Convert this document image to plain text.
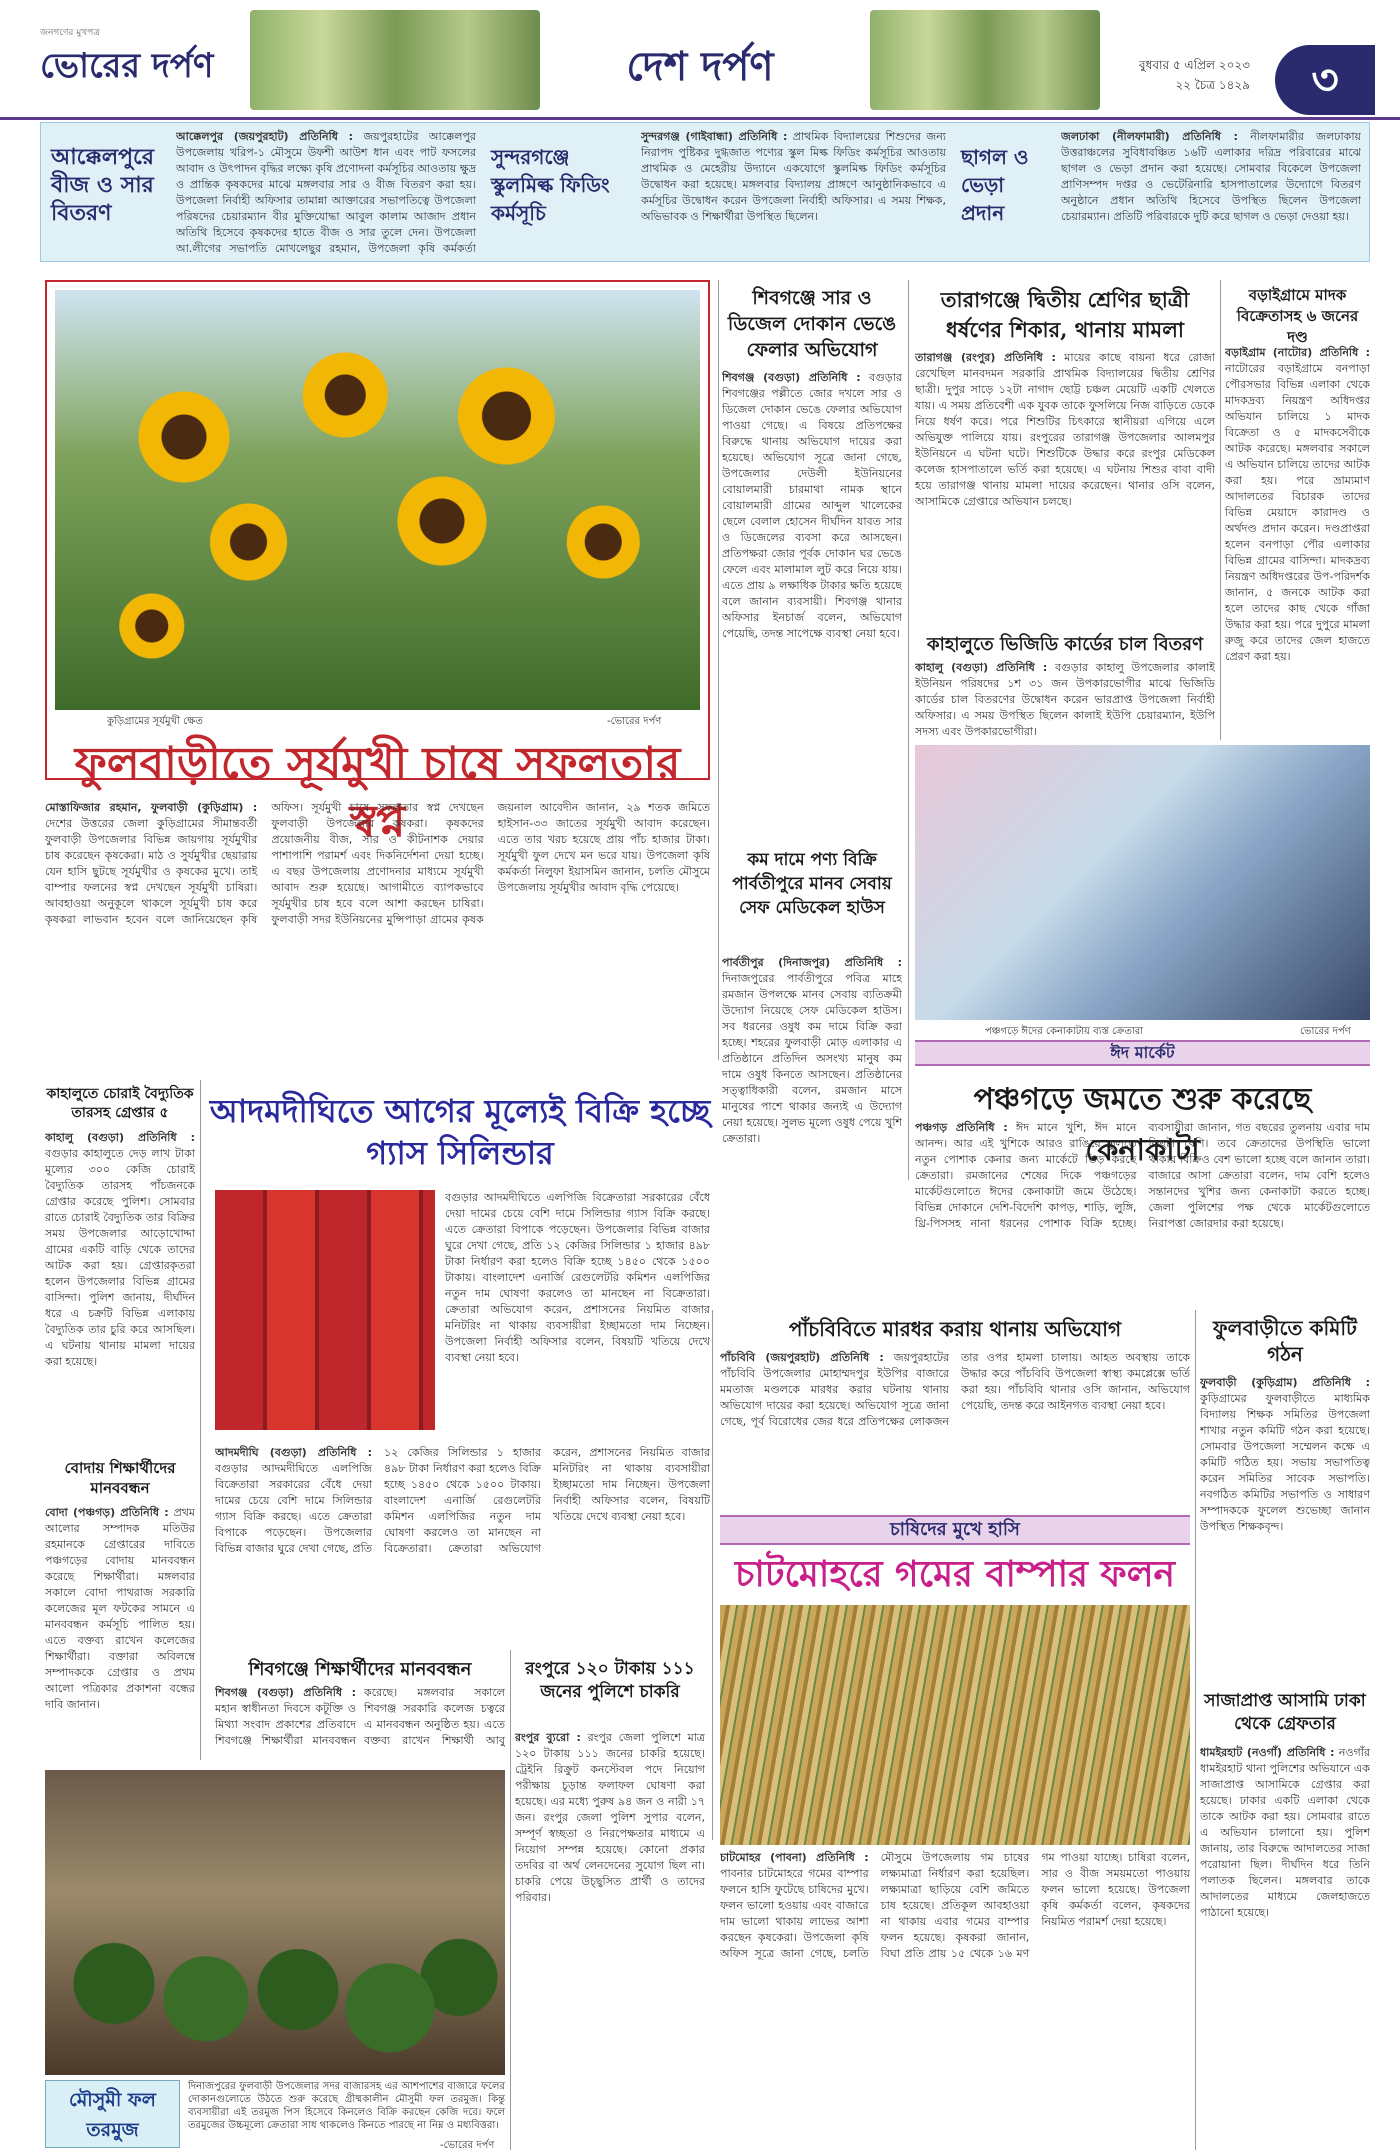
জনগণের মুখপত্র
ভোরের দর্পণ	দেশ দর্পণ	বুধবার ৫ এপ্রিল ২০২৩
২২ চৈত্র ১৪২৯	৩
আক্কেলপুরে বীজ ও সার বিতরণ
আক্কেলপুর (জয়পুরহাট) প্রতিনিধি : জয়পুরহাটের আক্কেলপুর উপজেলায় খরিপ-১ মৌসুমে উফশী আউশ ধান এবং পাট ফসলের আবাদ ও উৎপাদন বৃদ্ধির লক্ষ্যে কৃষি প্রণোদনা কর্মসূচির আওতায় ক্ষুদ্র ও প্রান্তিক কৃষকদের মাঝে মঙ্গলবার সার ও বীজ বিতরণ করা হয়। উপজেলা নির্বাহী অফিসার তামান্না আক্তারের সভাপতিত্বে উপজেলা পরিষদের চেয়ারম্যান বীর মুক্তিযোদ্ধা আবুল কালাম আজাদ প্রধান অতিথি হিসেবে কৃষকদের হাতে বীজ ও সার তুলে দেন। উপজেলা আ.লীগের সভাপতি মোখলেছুর রহমান, উপজেলা কৃষি কর্মকর্তা
সুন্দরগঞ্জে স্কুলমিল্ক ফিডিং কর্মসূচি
সুন্দরগঞ্জ (গাইবান্ধা) প্রতিনিধি : প্রাথমিক বিদ্যালয়ের শিশুদের জন্য নিরাপদ পুষ্টিকর দুগ্ধজাত পণ্যের স্কুল মিল্ক ফিডিং কর্মসূচির আওতায় প্রাথমিক ও মেহেরীয় উদ্যানে একযোগে স্কুলমিল্ক ফিডিং কর্মসূচির উদ্বোধন করা হয়েছে। মঙ্গলবার বিদ্যালয় প্রাঙ্গণে আনুষ্ঠানিকভাবে এ কর্মসূচির উদ্বোধন করেন উপজেলা নির্বাহী অফিসার। এ সময় শিক্ষক, অভিভাবক ও শিক্ষার্থীরা উপস্থিত ছিলেন।
ছাগল ও ভেড়া প্রদান
জলঢাকা (নীলফামারী) প্রতিনিধি : নীলফামারীর জলঢাকায় উত্তরাঞ্চলের সুবিধাবঞ্চিত ১৬টি এলাকার দরিদ্র পরিবারের মাঝে ছাগল ও ভেড়া প্রদান করা হয়েছে। সোমবার বিকেলে উপজেলা প্রাণিসম্পদ দপ্তর ও ভেটেরিনারি হাসপাতালের উদ্যোগে বিতরণ অনুষ্ঠানে প্রধান অতিথি হিসেবে উপস্থিত ছিলেন উপজেলা চেয়ারম্যান। প্রতিটি পরিবারকে দুটি করে ছাগল ও ভেড়া দেওয়া হয়।
কুড়িগ্রামের সূর্যমুখী ক্ষেত	-ভোরের দর্পণ
ফুলবাড়ীতে সূর্যমুখী চাষে সফলতার স্বপ্ন
মোস্তাফিজার রহমান, ফুলবাড়ী (কুড়িগ্রাম) : দেশের উত্তরের জেলা কুড়িগ্রামের সীমান্তবর্তী ফুলবাড়ী উপজেলার বিভিন্ন জায়গায় সূর্যমুখীর চাষ করেছেন কৃষকেরা। মাঠ ও সুর্যমুখীর ছেয়ারায় যেন হাসি ছুটছে সূর্যমুখীর ও কৃষকের মুখে। তাই বাম্পার ফলনের স্বপ্ন দেখছেন সূর্যমুখী চাষিরা। আবহাওয়া অনুকূলে থাকলে সূর্যমুখী চাষ করে কৃষকরা লাভবান হবেন বলে জানিয়েছেন কৃষি অফিস। সূর্যমুখী চাষে সফলতার স্বপ্ন দেখছেন ফুলবাড়ী উপজেলার কৃষকরা। কৃষকদের প্রয়োজনীয় বীজ, সার ও কীটনাশক দেয়ার পাশাপাশি পরামর্শ এবং দিকনির্দেশনা দেয়া হচ্ছে। এ বছর উপজেলায় প্রণোদনার মাধ্যমে সূর্যমুখী আবাদ শুরু হয়েছে। আগামীতে ব্যাপকভাবে সূর্যমুখীর চাষ হবে বলে আশা করছেন চাষিরা। ফুলবাড়ী সদর ইউনিয়নের মুন্সিপাড়া গ্রামের কৃষক জয়নাল আবেদীন জানান, ২৯ শতক জমিতে হাইসান-৩৩ জাতের সূর্যমুখী আবাদ করেছেন। এতে তার খরচ হয়েছে প্রায় পাঁচ হাজার টাকা। সূর্যমুখী ফুল দেখে মন ভরে যায়। উপজেলা কৃষি কর্মকর্তা নিলুফা ইয়াসমিন জানান, চলতি মৌসুমে উপজেলায় সূর্যমুখীর আবাদ বৃদ্ধি পেয়েছে।
শিবগঞ্জে সার ও ডিজেল দোকান ভেঙে ফেলার অভিযোগ
শিবগঞ্জ (বগুড়া) প্রতিনিধি : বগুড়ার শিবগঞ্জের পল্লীতে জোর দখলে সার ও ডিজেল দোকান ভেঙে ফেলার অভিযোগ পাওয়া গেছে। এ বিষয়ে প্রতিপক্ষের বিরুদ্ধে থানায় অভিযোগ দায়ের করা হয়েছে। অভিযোগ সূত্রে জানা গেছে, উপজেলার দেউলী ইউনিয়নের বোয়ালমারী চারমাথা নামক স্থানে বোয়ালমারী গ্রামের আব্দুল খালেকের ছেলে বেলাল হোসেন দীর্ঘদিন যাবত সার ও ডিজেলের ব্যবসা করে আসছেন। প্রতিপক্ষরা জোর পূর্বক দোকান ঘর ভেঙে ফেলে এবং মালামাল লুট করে নিয়ে যায়। এতে প্রায় ৯ লক্ষাধিক টাকার ক্ষতি হয়েছে বলে জানান ব্যবসায়ী। শিবগঞ্জ থানার অফিসার ইনচার্জ বলেন, অভিযোগ পেয়েছি, তদন্ত সাপেক্ষে ব্যবস্থা নেয়া হবে।
কম দামে পণ্য বিক্রি পার্বতীপুরে মানব সেবায় সেফ মেডিকেল হাউস
পার্বতীপুর (দিনাজপুর) প্রতিনিধি : দিনাজপুরের পার্বতীপুরে পবিত্র মাহে রমজান উপলক্ষে মানব সেবায় ব্যতিক্রমী উদ্যোগ নিয়েছে সেফ মেডিকেল হাউস। সব ধরনের ওষুধ কম দামে বিক্রি করা হচ্ছে। শহরের ফুলবাড়ী মোড় এলাকার এ প্রতিষ্ঠানে প্রতিদিন অসংখ্য মানুষ কম দামে ওষুধ কিনতে আসছেন। প্রতিষ্ঠানের সত্ত্বাধিকারী বলেন, রমজান মাসে মানুষের পাশে থাকার জন্যই এ উদ্যোগ নেয়া হয়েছে। সুলভ মূল্যে ওষুধ পেয়ে খুশি ক্রেতারা।
তারাগঞ্জে দ্বিতীয় শ্রেণির ছাত্রী ধর্ষণের শিকার, থানায় মামলা
তারাগঞ্জ (রংপুর) প্রতিনিধি : মায়ের কাছে বায়না ধরে রোজা রেখেছিল মানবদমন সরকারি প্রাথমিক বিদ্যালয়ের দ্বিতীয় শ্রেণির ছাত্রী। দুপুর সাড়ে ১২টা নাগাদ ছোট্ট চঞ্চল মেয়েটি একটি খেলতে যায়। এ সময় প্রতিবেশী এক যুবক তাকে ফুসলিয়ে নিজ বাড়িতে ডেকে নিয়ে ধর্ষণ করে। পরে শিশুটির চিৎকারে স্থানীয়রা এগিয়ে এলে অভিযুক্ত পালিয়ে যায়। রংপুরের তারাগঞ্জ উপজেলার আলমপুর ইউনিয়নে এ ঘটনা ঘটে। শিশুটিকে উদ্ধার করে রংপুর মেডিকেল কলেজ হাসপাতালে ভর্তি করা হয়েছে। এ ঘটনায় শিশুর বাবা বাদী হয়ে তারাগঞ্জ থানায় মামলা দায়ের করেছেন। থানার ওসি বলেন, আসামিকে গ্রেপ্তারে অভিযান চলছে।
কাহালুতে ভিজিডি কার্ডের চাল বিতরণ
কাহালু (বগুড়া) প্রতিনিধি : বগুড়ার কাহালু উপজেলার কালাই ইউনিয়ন পরিষদের ১শ ৩১ জন উপকারভোগীর মাঝে ভিজিডি কার্ডের চাল বিতরণের উদ্বোধন করেন ভারপ্রাপ্ত উপজেলা নির্বাহী অফিসার। এ সময় উপস্থিত ছিলেন কালাই ইউপি চেয়ারম্যান, ইউপি সদস্য এবং উপকারভোগীরা।
পঞ্চগড়ে ঈদের কেনাকাটায় ব্যস্ত ক্রেতারা	ভোরের দর্পণ
বড়াইগ্রামে মাদক বিক্রেতাসহ ৬ জনের দণ্ড
বড়াইগ্রাম (নাটোর) প্রতিনিধি : নাটোরের বড়াইগ্রামে বনপাড়া পৌরসভার বিভিন্ন এলাকা থেকে মাদকদ্রব্য নিয়ন্ত্রণ অধিদপ্তর অভিযান চালিয়ে ১ মাদক বিক্রেতা ও ৫ মাদকসেবীকে আটক করেছে। মঙ্গলবার সকালে এ অভিযান চালিয়ে তাদের আটক করা হয়। পরে ভ্রাম্যমাণ আদালতের বিচারক তাদের বিভিন্ন মেয়াদে কারাদণ্ড ও অর্থদণ্ড প্রদান করেন। দণ্ডপ্রাপ্তরা হলেন বনপাড়া পৌর এলাকার বিভিন্ন গ্রামের বাসিন্দা। মাদকদ্রব্য নিয়ন্ত্রণ অধিদপ্তরের উপ-পরিদর্শক জানান, ৫ জনকে আটক করা হলে তাদের কাছ থেকে গাঁজা উদ্ধার করা হয়। পরে দুপুরে মামলা রুজু করে তাদের জেল হাজতে প্রেরণ করা হয়।
ঈদ মার্কেট
পঞ্চগড়ে জমতে শুরু করেছে কেনাকাটা
পঞ্চগড় প্রতিনিধি : ঈদ মানে খুশি, ঈদ মানে আনন্দ। আর এই খুশিকে আরও রাঙিয়ে তুলতে নতুন পোশাক কেনার জন্য মার্কেটে ভিড় করছে ক্রেতারা। রমজানের শেষের দিকে পঞ্চগড়ের মার্কেটগুলোতে ঈদের কেনাকাটা জমে উঠেছে। বিভিন্ন দোকানে দেশি-বিদেশি কাপড়, শাড়ি, লুঙ্গি, থ্রি-পিসসহ নানা ধরনের পোশাক বিক্রি হচ্ছে। ব্যবসায়ীরা জানান, গত বছরের তুলনায় এবার দাম কিছুটা বেশি। তবে ক্রেতাদের উপস্থিতি ভালো থাকায় বিক্রিও বেশ ভালো হচ্ছে বলে জানান তারা। বাজারে আসা ক্রেতারা বলেন, দাম বেশি হলেও সন্তানদের খুশির জন্য কেনাকাটা করতে হচ্ছে। জেলা পুলিশের পক্ষ থেকে মার্কেটগুলোতে নিরাপত্তা জোরদার করা হয়েছে।
কাহালুতে চোরাই বৈদ্যুতিক তারসহ গ্রেপ্তার ৫
কাহালু (বগুড়া) প্রতিনিধি : বগুড়ার কাহালুতে দেড় লাখ টাকা মূল্যের ৩০০ কেজি চোরাই বৈদ্যুতিক তারসহ পাঁচজনকে গ্রেপ্তার করেছে পুলিশ। সোমবার রাতে চোরাই বৈদ্যুতিক তার বিক্রির সময় উপজেলার আড়োখোদ্দা গ্রামের একটি বাড়ি থেকে তাদের আটক করা হয়। গ্রেপ্তারকৃতরা হলেন উপজেলার বিভিন্ন গ্রামের বাসিন্দা। পুলিশ জানায়, দীর্ঘদিন ধরে এ চক্রটি বিভিন্ন এলাকায় বৈদ্যুতিক তার চুরি করে আসছিল। এ ঘটনায় থানায় মামলা দায়ের করা হয়েছে।
বোদায় শিক্ষার্থীদের মানববন্ধন
বোদা (পঞ্চগড়) প্রতিনিধি : প্রথম আলোর সম্পাদক মতিউর রহমানকে গ্রেপ্তারের দাবিতে পঞ্চগড়ের বোদায় মানববন্ধন করেছে শিক্ষার্থীরা। মঙ্গলবার সকালে বোদা পাথরাজ সরকারি কলেজের মূল ফটকের সামনে এ মানববন্ধন কর্মসূচি পালিত হয়। এতে বক্তব্য রাখেন কলেজের শিক্ষার্থীরা। বক্তারা অবিলম্বে সম্পাদককে গ্রেপ্তার ও প্রথম আলো পত্রিকার প্রকাশনা বন্ধের দাবি জানান।
আদমদীঘিতে আগের মূল্যেই বিক্রি হচ্ছে গ্যাস সিলিন্ডার
বগুড়ার আদমদীঘিতে এলপিজি বিক্রেতারা সরকারের বেঁধে দেয়া দামের চেয়ে বেশি দামে সিলিন্ডার গ্যাস বিক্রি করছে। এতে ক্রেতারা বিপাকে পড়েছেন। উপজেলার বিভিন্ন বাজার ঘুরে দেখা গেছে, প্রতি ১২ কেজির সিলিন্ডার ১ হাজার ৪৯৮ টাকা নির্ধারণ করা হলেও বিক্রি হচ্ছে ১৪৫০ থেকে ১৫০০ টাকায়। বাংলাদেশ এনার্জি রেগুলেটরি কমিশন এলপিজির নতুন দাম ঘোষণা করলেও তা মানছেন না বিক্রেতারা। ক্রেতারা অভিযোগ করেন, প্রশাসনের নিয়মিত বাজার মনিটরিং না থাকায় ব্যবসায়ীরা ইচ্ছামতো দাম নিচ্ছেন। উপজেলা নির্বাহী অফিসার বলেন, বিষয়টি খতিয়ে দেখে ব্যবস্থা নেয়া হবে।
আদমদীঘি (বগুড়া) প্রতিনিধি : বগুড়ার আদমদীঘিতে এলপিজি বিক্রেতারা সরকারের বেঁধে দেয়া দামের চেয়ে বেশি দামে সিলিন্ডার গ্যাস বিক্রি করছে। এতে ক্রেতারা বিপাকে পড়েছেন। উপজেলার বিভিন্ন বাজার ঘুরে দেখা গেছে, প্রতি ১২ কেজির সিলিন্ডার ১ হাজার ৪৯৮ টাকা নির্ধারণ করা হলেও বিক্রি হচ্ছে ১৪৫০ থেকে ১৫০০ টাকায়। বাংলাদেশ এনার্জি রেগুলেটরি কমিশন এলপিজির নতুন দাম ঘোষণা করলেও তা মানছেন না বিক্রেতারা। ক্রেতারা অভিযোগ করেন, প্রশাসনের নিয়মিত বাজার মনিটরিং না থাকায় ব্যবসায়ীরা ইচ্ছামতো দাম নিচ্ছেন। উপজেলা নির্বাহী অফিসার বলেন, বিষয়টি খতিয়ে দেখে ব্যবস্থা নেয়া হবে।
শিবগঞ্জে শিক্ষার্থীদের মানববন্ধন
শিবগঞ্জ (বগুড়া) প্রতিনিধি : মহান স্বাধীনতা দিবসে কটূক্তি ও মিথ্যা সংবাদ প্রকাশের প্রতিবাদে শিবগঞ্জে শিক্ষার্থীরা মানববন্ধন করেছে। মঙ্গলবার সকালে শিবগঞ্জ সরকারি কলেজ চত্বরে এ মানববন্ধন অনুষ্ঠিত হয়। এতে বক্তব্য রাখেন শিক্ষার্থী আবু
রংপুরে ১২০ টাকায় ১১১ জনের পুলিশে চাকরি
রংপুর ব্যুরো : রংপুর জেলা পুলিশে মাত্র ১২০ টাকায় ১১১ জনের চাকরি হয়েছে। ট্রেইনি রিক্রুট কনস্টেবল পদে নিয়োগ পরীক্ষায় চূড়ান্ত ফলাফল ঘোষণা করা হয়েছে। এর মধ্যে পুরুষ ৯৪ জন ও নারী ১৭ জন। রংপুর জেলা পুলিশ সুপার বলেন, সম্পূর্ণ স্বচ্ছতা ও নিরপেক্ষতার মাধ্যমে এ নিয়োগ সম্পন্ন হয়েছে। কোনো প্রকার তদবির বা অর্থ লেনদেনের সুযোগ ছিল না। চাকরি পেয়ে উচ্ছ্বসিত প্রার্থী ও তাদের পরিবার।
পাঁচবিবিতে মারধর করায় থানায় অভিযোগ
পাঁচবিবি (জয়পুরহাট) প্রতিনিধি : জয়পুরহাটের পাঁচবিবি উপজেলার মোহাম্মদপুর ইউপির বাজারে মমতাজ মণ্ডলকে মারধর করার ঘটনায় থানায় অভিযোগ দায়ের করা হয়েছে। অভিযোগ সূত্রে জানা গেছে, পূর্ব বিরোধের জের ধরে প্রতিপক্ষের লোকজন তার ওপর হামলা চালায়। আহত অবস্থায় তাকে উদ্ধার করে পাঁচবিবি উপজেলা স্বাস্থ্য কমপ্লেক্সে ভর্তি করা হয়। পাঁচবিবি থানার ওসি জানান, অভিযোগ পেয়েছি, তদন্ত করে আইনগত ব্যবস্থা নেয়া হবে।
ফুলবাড়ীতে কমিটি গঠন
ফুলবাড়ী (কুড়িগ্রাম) প্রতিনিধি : কুড়িগ্রামের ফুলবাড়ীতে মাধ্যমিক বিদ্যালয় শিক্ষক সমিতির উপজেলা শাখার নতুন কমিটি গঠন করা হয়েছে। সোমবার উপজেলা সম্মেলন কক্ষে এ কমিটি গঠিত হয়। সভায় সভাপতিত্ব করেন সমিতির সাবেক সভাপতি। নবগঠিত কমিটির সভাপতি ও সাধারণ সম্পাদককে ফুলেল শুভেচ্ছা জানান উপস্থিত শিক্ষকবৃন্দ।
সাজাপ্রাপ্ত আসামি ঢাকা থেকে গ্রেফতার
ধামইরহাট (নওগাঁ) প্রতিনিধি : নওগাঁর ধামইরহাট থানা পুলিশের অভিযানে এক সাজাপ্রাপ্ত আসামিকে গ্রেপ্তার করা হয়েছে। ঢাকার একটি এলাকা থেকে তাকে আটক করা হয়। সোমবার রাতে এ অভিযান চালানো হয়। পুলিশ জানায়, তার বিরুদ্ধে আদালতের সাজা পরোয়ানা ছিল। দীর্ঘদিন ধরে তিনি পলাতক ছিলেন। মঙ্গলবার তাকে আদালতের মাধ্যমে জেলহাজতে পাঠানো হয়েছে।
চাষিদের মুখে হাসি
চাটমোহরে গমের বাম্পার ফলন
চাটমোহর (পাবনা) প্রতিনিধি : পাবনার চাটমোহরে গমের বাম্পার ফলনে হাসি ফুটেছে চাষিদের মুখে। ফলন ভালো হওয়ায় এবং বাজারে দাম ভালো থাকায় লাভের আশা করছেন কৃষকেরা। উপজেলা কৃষি অফিস সূত্রে জানা গেছে, চলতি মৌসুমে উপজেলায় গম চাষের লক্ষ্যমাত্রা নির্ধারণ করা হয়েছিল। লক্ষ্যমাত্রা ছাড়িয়ে বেশি জমিতে চাষ হয়েছে। প্রতিকূল আবহাওয়া না থাকায় এবার গমের বাম্পার ফলন হয়েছে। কৃষকরা জানান, বিঘা প্রতি প্রায় ১৫ থেকে ১৬ মণ গম পাওয়া যাচ্ছে। চাষিরা বলেন, সার ও বীজ সময়মতো পাওয়ায় ফলন ভালো হয়েছে। উপজেলা কৃষি কর্মকর্তা বলেন, কৃষকদের নিয়মিত পরামর্শ দেয়া হয়েছে।
মৌসুমী ফল তরমুজ
দিনাজপুরের ফুলবাড়ী উপজেলার সদর বাজারসহ এর আশপাশের বাজারে ফলের দোকানগুলোতে উঠতে শুরু করেছে গ্রীষ্মকালীন মৌসুমী ফল তরমুজ। কিন্তু ব্যবসায়ীরা এই তরমুজ পিস হিসেবে কিনলেও বিক্রি করছেন কেজি দরে। ফলে তরমুজের উচ্চমূল্যে ক্রেতারা সাধ থাকলেও কিনতে পারছে না নিম্ন ও মধ্যবিত্তরা।
-ভোরের দর্পণ
